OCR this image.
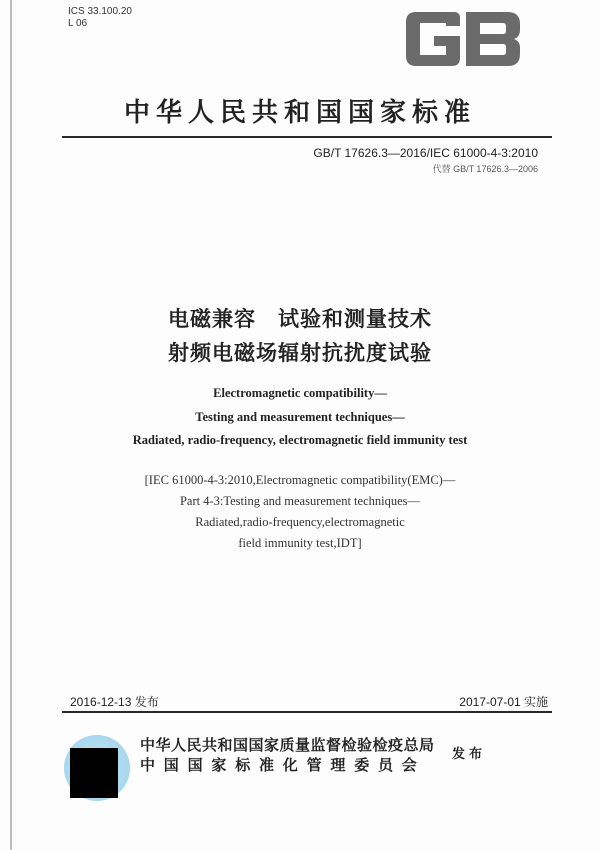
ICS 33.100.20
L 06
中华人民共和国国家标准
GB/T 17626.3—2016/IEC 61000-4-3:2010
代替 GB/T 17626.3—2006
电磁兼容　试验和测量技术
射频电磁场辐射抗扰度试验
Electromagnetic compatibility—
Testing and measurement techniques—
Radiated, radio-frequency, electromagnetic field immunity test
[IEC 61000-4-3:2010,Electromagnetic compatibility(EMC)—
Part 4-3:Testing and measurement techniques—
Radiated,radio-frequency,electromagnetic
field immunity test,IDT]
2016-12-13 发布	2017-07-01 实施
中华人民共和国国家质量监督检验检疫总局
中国国家标准化管理委员会
发布
